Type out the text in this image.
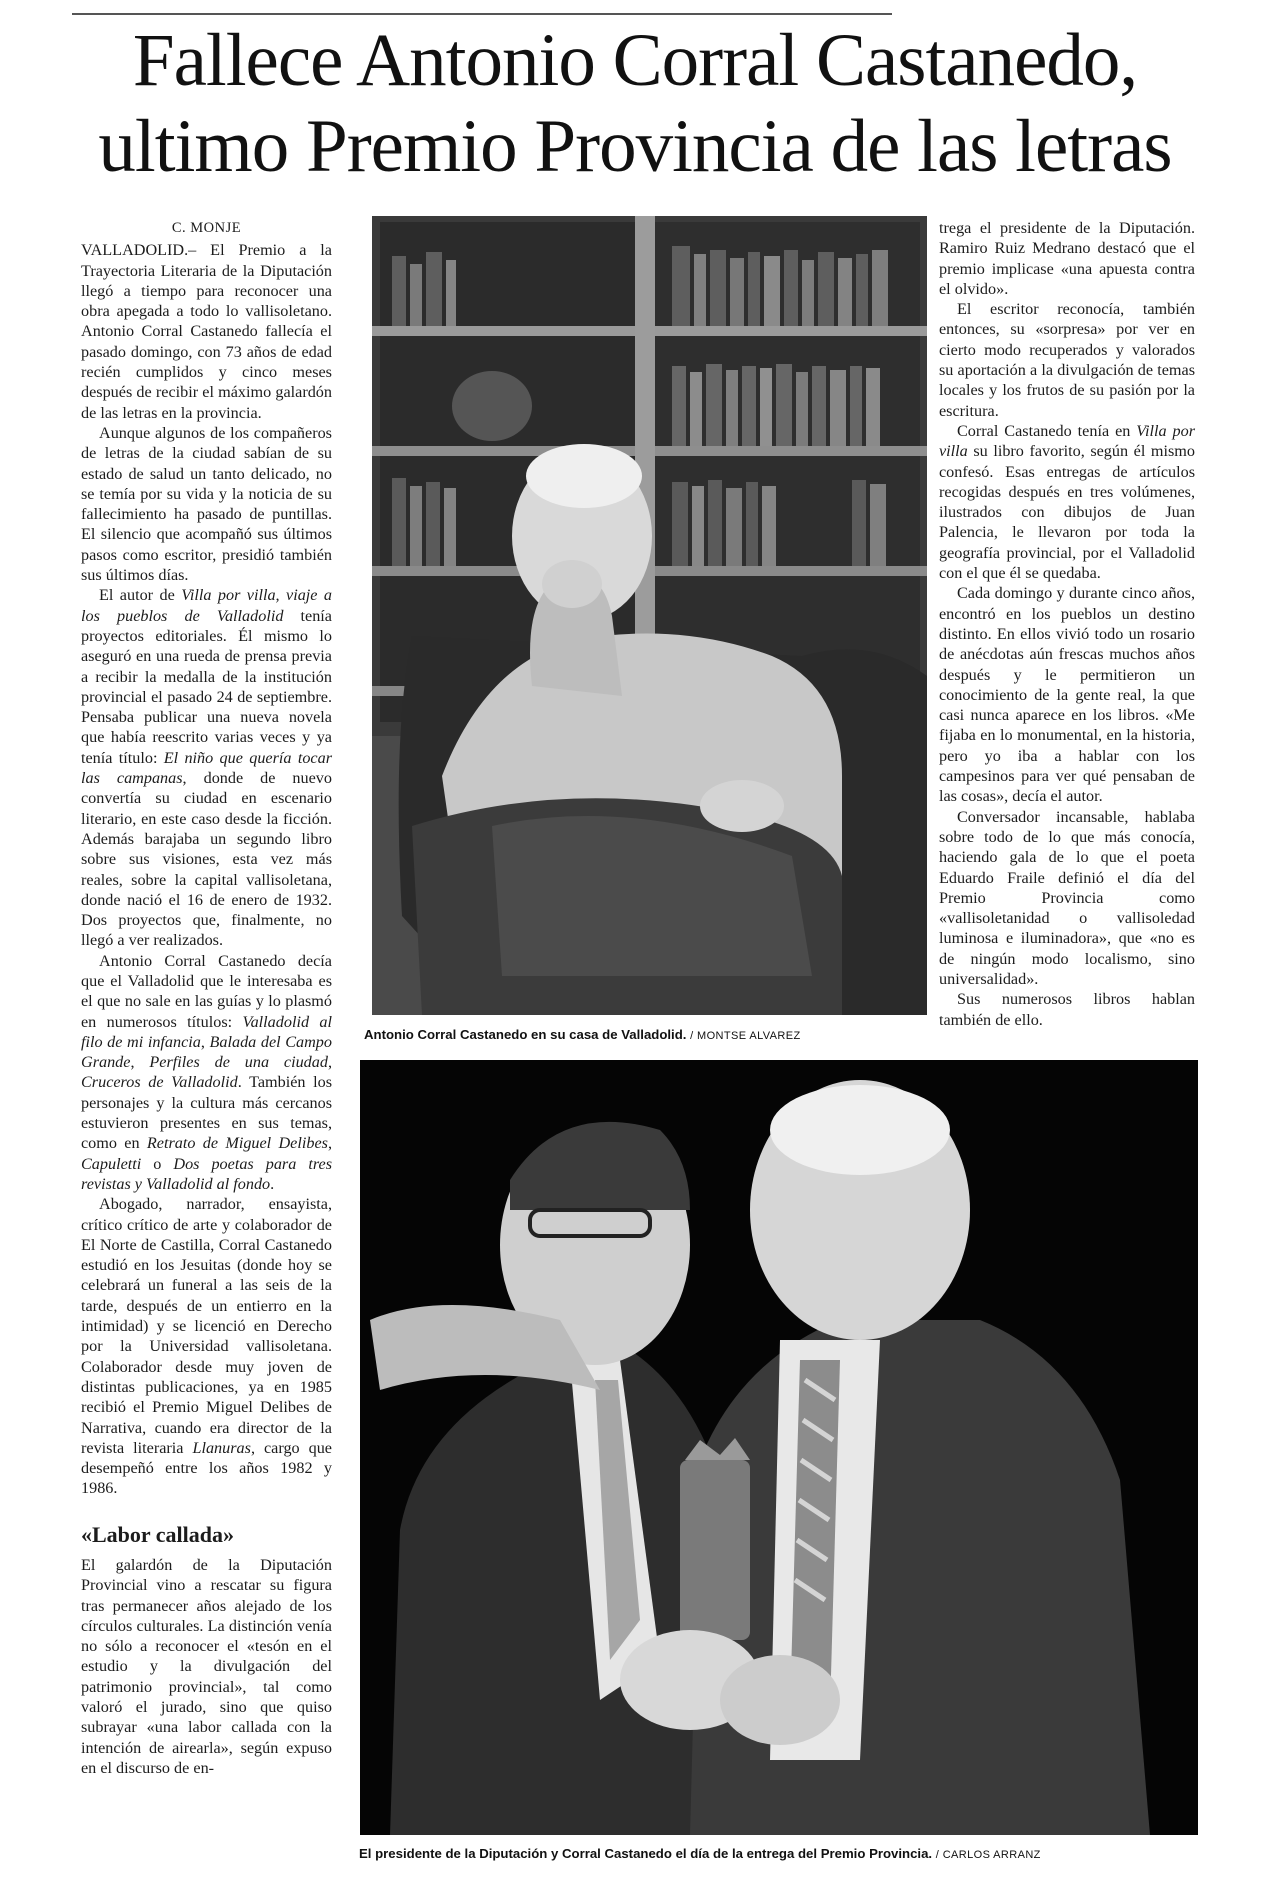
Fallece Antonio Corral Castanedo,
ultimo Premio Provincia de las letras
C. MONJE

VALLADOLID.– El Premio a la Trayectoria Literaria de la Diputación llegó a tiempo para reconocer una obra apegada a todo lo vallisoletano. Antonio Corral Castanedo fallecía el pasado domingo, con 73 años de edad recién cumplidos y cinco meses después de recibir el máximo galardón de las letras en la provincia.

Aunque algunos de los compañeros de letras de la ciudad sabían de su estado de salud un tanto delicado, no se temía por su vida y la noticia de su fallecimiento ha pasado de puntillas. El silencio que acompañó sus últimos pasos como escritor, presidió también sus últimos días.

El autor de Villa por villa, viaje a los pueblos de Valladolid tenía proyectos editoriales. Él mismo lo aseguró en una rueda de prensa previa a recibir la medalla de la institución provincial el pasado 24 de septiembre. Pensaba publicar una nueva novela que había reescrito varias veces y ya tenía título: El niño que quería tocar las campanas, donde de nuevo convertía su ciudad en escenario literario, en este caso desde la ficción. Además barajaba un segundo libro sobre sus visiones, esta vez más reales, sobre la capital vallisoletana, donde nació el 16 de enero de 1932. Dos proyectos que, finalmente, no llegó a ver realizados.

Antonio Corral Castanedo decía que el Valladolid que le interesaba es el que no sale en las guías y lo plasmó en numerosos títulos: Valladolid al filo de mi infancia, Balada del Campo Grande, Perfiles de una ciudad, Cruceros de Valladolid. También los personajes y la cultura más cercanos estuvieron presentes en sus temas, como en Retrato de Miguel Delibes, Capuletti o Dos poetas para tres revistas y Valladolid al fondo.

Abogado, narrador, ensayista, crítico crítico de arte y colaborador de El Norte de Castilla, Corral Castanedo estudió en los Jesuitas (donde hoy se celebrará un funeral a las seis de la tarde, después de un entierro en la intimidad) y se licenció en Derecho por la Universidad vallisoletana. Colaborador desde muy joven de distintas publicaciones, ya en 1985 recibió el Premio Miguel Delibes de Narrativa, cuando era director de la revista literaria Llanuras, cargo que desempeñó entre los años 1982 y 1986.

«Labor callada»

El galardón de la Diputación Provincial vino a rescatar su figura tras permanecer años alejado de los círculos culturales. La distinción venía no sólo a reconocer el «tesón en el estudio y la divulgación del patrimonio provincial», tal como valoró el jurado, sino que quiso subrayar «una labor callada con la intención de airearla», según expuso en el discurso de en-

trega el presidente de la Diputación. Ramiro Ruiz Medrano destacó que el premio implicase «una apuesta contra el olvido».

El escritor reconocía, también entonces, su «sorpresa» por ver en cierto modo recuperados y valorados su aportación a la divulgación de temas locales y los frutos de su pasión por la escritura.

Corral Castanedo tenía en Villa por villa su libro favorito, según él mismo confesó. Esas entregas de artículos recogidas después en tres volúmenes, ilustrados con dibujos de Juan Palencia, le llevaron por toda la geografía provincial, por el Valladolid con el que él se quedaba.

Cada domingo y durante cinco años, encontró en los pueblos un destino distinto. En ellos vivió todo un rosario de anécdotas aún frescas muchos años después y le permitieron un conocimiento de la gente real, la que casi nunca aparece en los libros. «Me fijaba en lo monumental, en la historia, pero yo iba a hablar con los campesinos para ver qué pensaban de las cosas», decía el autor.

Conversador incansable, hablaba sobre todo de lo que más conocía, haciendo gala de lo que el poeta Eduardo Fraile definió el día del Premio Provincia como «vallisoletanidad o vallisoledad luminosa e iluminadora», que «no es de ningún modo localismo, sino universalidad».

Sus numerosos libros hablan también de ello.

Antonio Corral Castanedo en su casa de Valladolid. / MONTSE ALVAREZ
El presidente de la Diputación y Corral Castanedo el día de la entrega del Premio Provincia. / CARLOS ARRANZ
